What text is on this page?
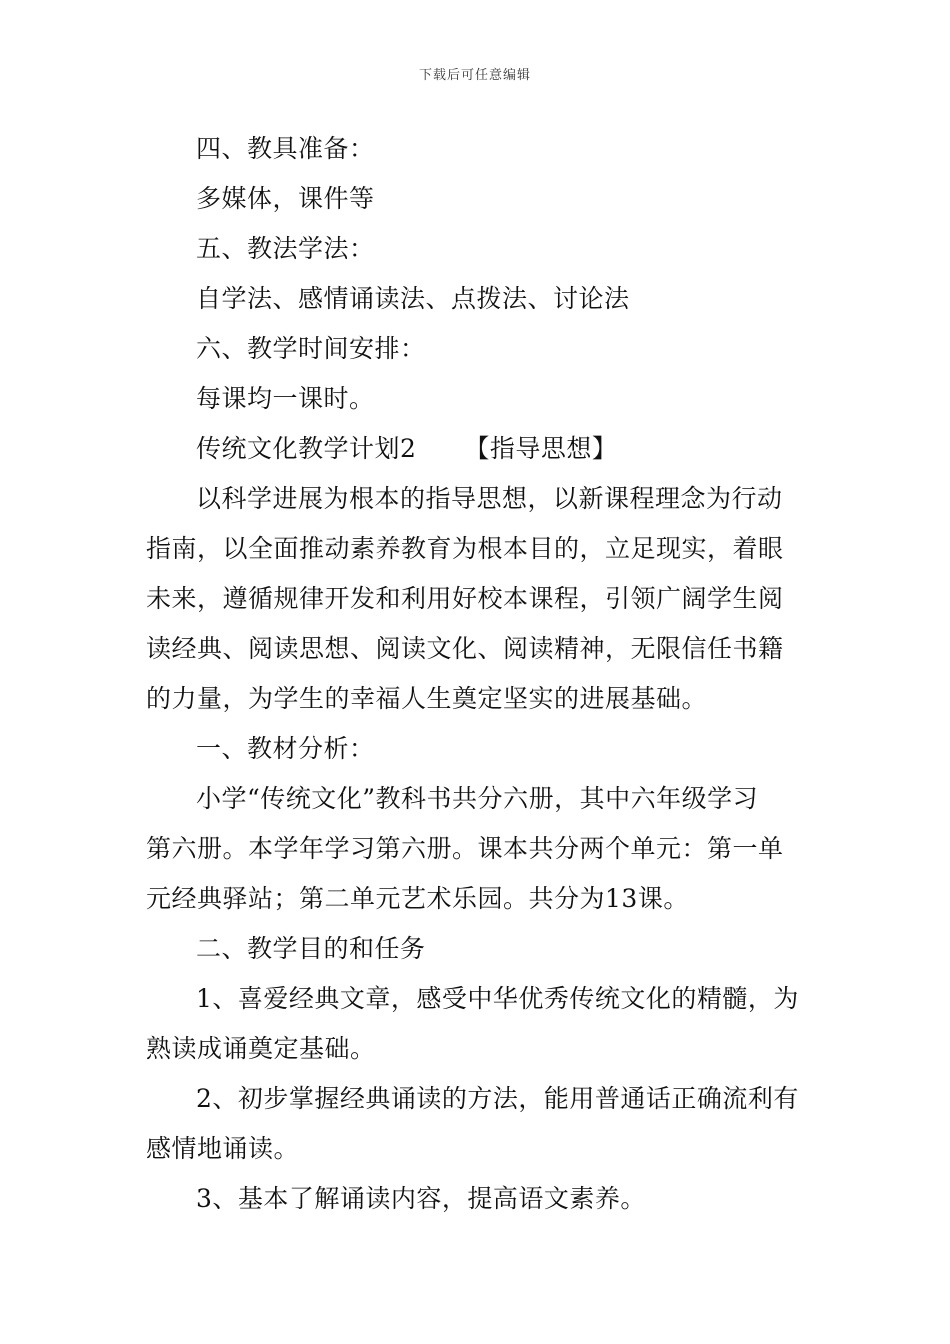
下载后可任意编辑
四、教具准备：
多媒体，课件等
五、教法学法：
自学法、感情诵读法、点拨法、讨论法
六、教学时间安排：
每课均一课时。
传统文化教学计划2 【指导思想】
以科学进展为根本的指导思想，以新课程理念为行动
指南，以全面推动素养教育为根本目的，立足现实，着眼
未来，遵循规律开发和利用好校本课程，引领广阔学生阅
读经典、阅读思想、阅读文化、阅读精神，无限信任书籍
的力量，为学生的幸福人生奠定坚实的进展基础。
一、教材分析：
小学“传统文化”教科书共分六册，其中六年级学习
第六册。本学年学习第六册。课本共分两个单元：第一单
元经典驿站；第二单元艺术乐园。共分为13课。
二、教学目的和任务
1、喜爱经典文章，感受中华优秀传统文化的精髓，为
熟读成诵奠定基础。
2、初步掌握经典诵读的方法，能用普通话正确流利有
感情地诵读。
3、基本了解诵读内容，提高语文素养。
